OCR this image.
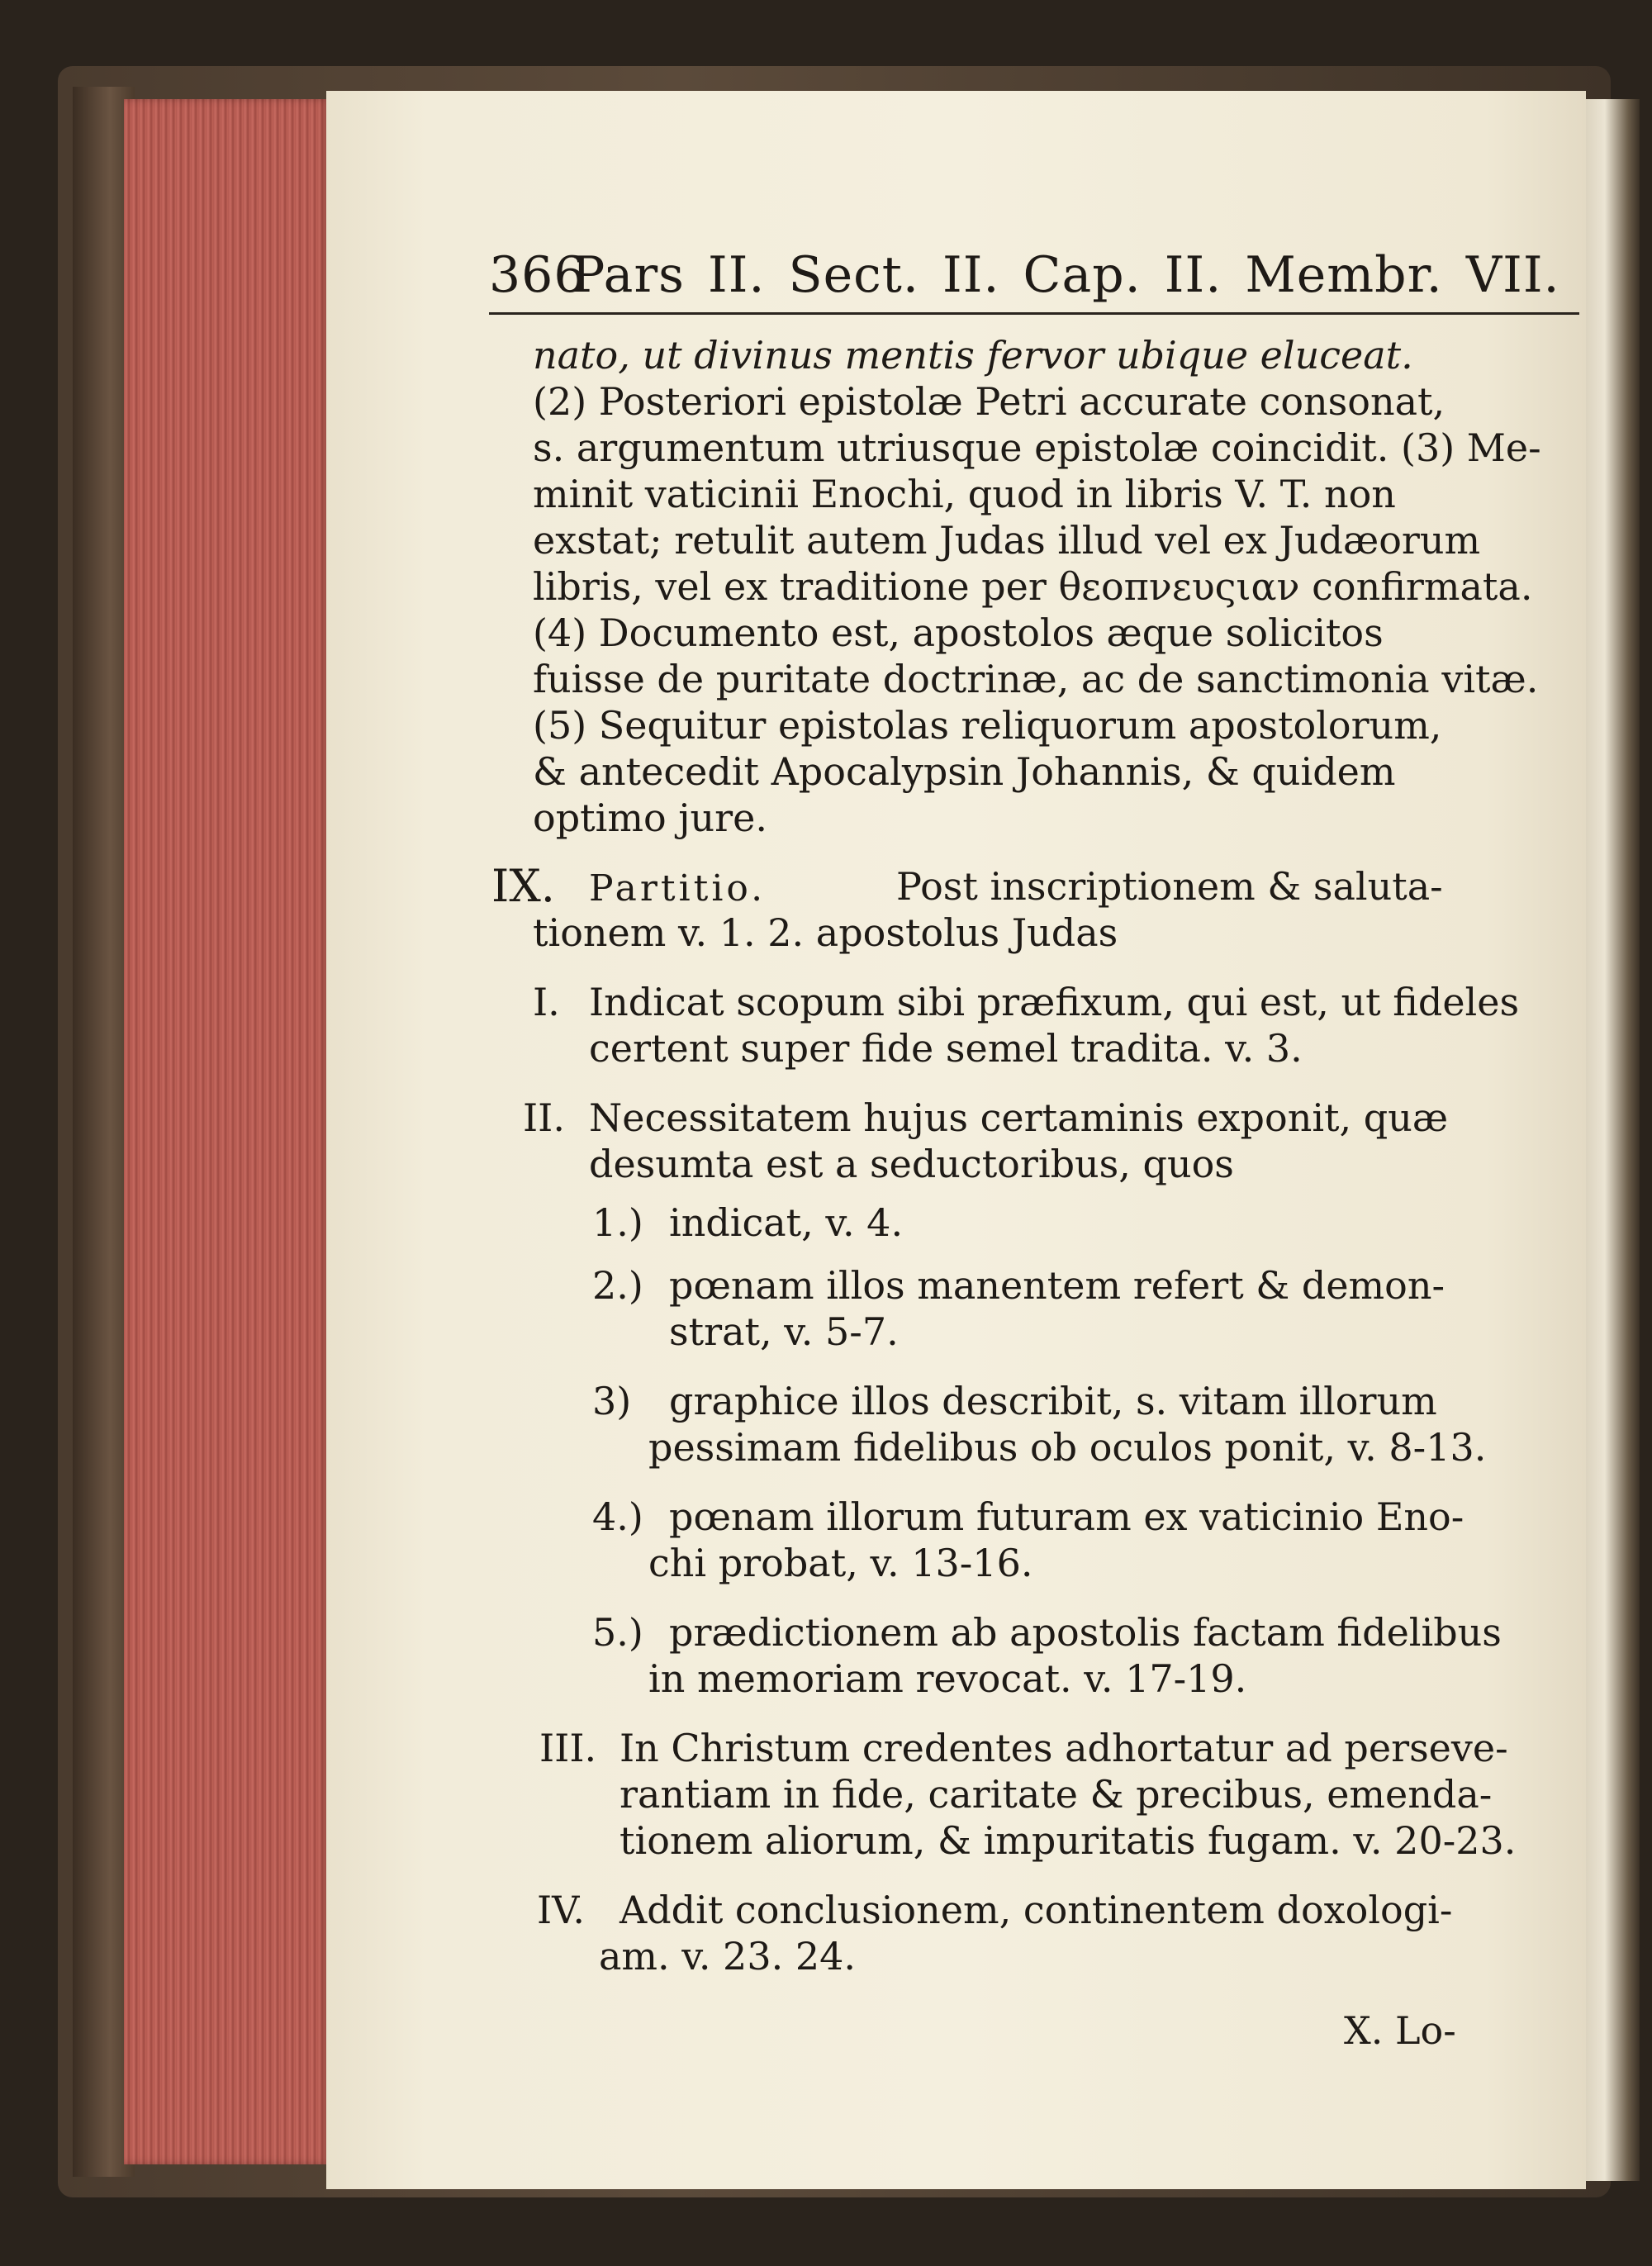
366
Pars II. Sect. II. Cap. II. Membr. VII.
nato, ut divinus mentis fervor ubique eluceat.
(2) Posteriori epistolæ Petri accurate consonat,
s. argumentum utriusque epistolæ coincidit. (3) Me-
minit vaticinii Enochi, quod in libris V. T. non
exstat; retulit autem Judas illud vel ex Judæorum
libris, vel ex traditione per θεοπνευςιαν confirmata.
(4) Documento est, apostolos æque solicitos
fuisse de puritate doctrinæ, ac de sanctimonia vitæ.
(5) Sequitur epistolas reliquorum apostolorum,
& antecedit Apocalypsin Johannis, & quidem
optimo jure.
IX. Partitio.	Post inscriptionem & saluta-
tionem v. 1. 2. apostolus Judas
I. Indicat scopum sibi præfixum, qui est, ut fideles
certent super fide semel tradita. v. 3.
II. Necessitatem hujus certaminis exponit, quæ
desumta est a seductoribus, quos
1.) indicat, v. 4.
2.) pœnam illos manentem refert & demon-
strat, v. 5-7.
3) graphice illos describit, s. vitam illorum
pessimam fidelibus ob oculos ponit, v. 8-13.
4.) pœnam illorum futuram ex vaticinio Eno-
chi probat, v. 13-16.
5.) prædictionem ab apostolis factam fidelibus
in memoriam revocat. v. 17-19.
III. In Christum credentes adhortatur ad perseve-
rantiam in fide, caritate & precibus, emenda-
tionem aliorum, & impuritatis fugam. v. 20-23.
IV. Addit conclusionem, continentem doxologi-
am. v. 23. 24.
X. Lo-
